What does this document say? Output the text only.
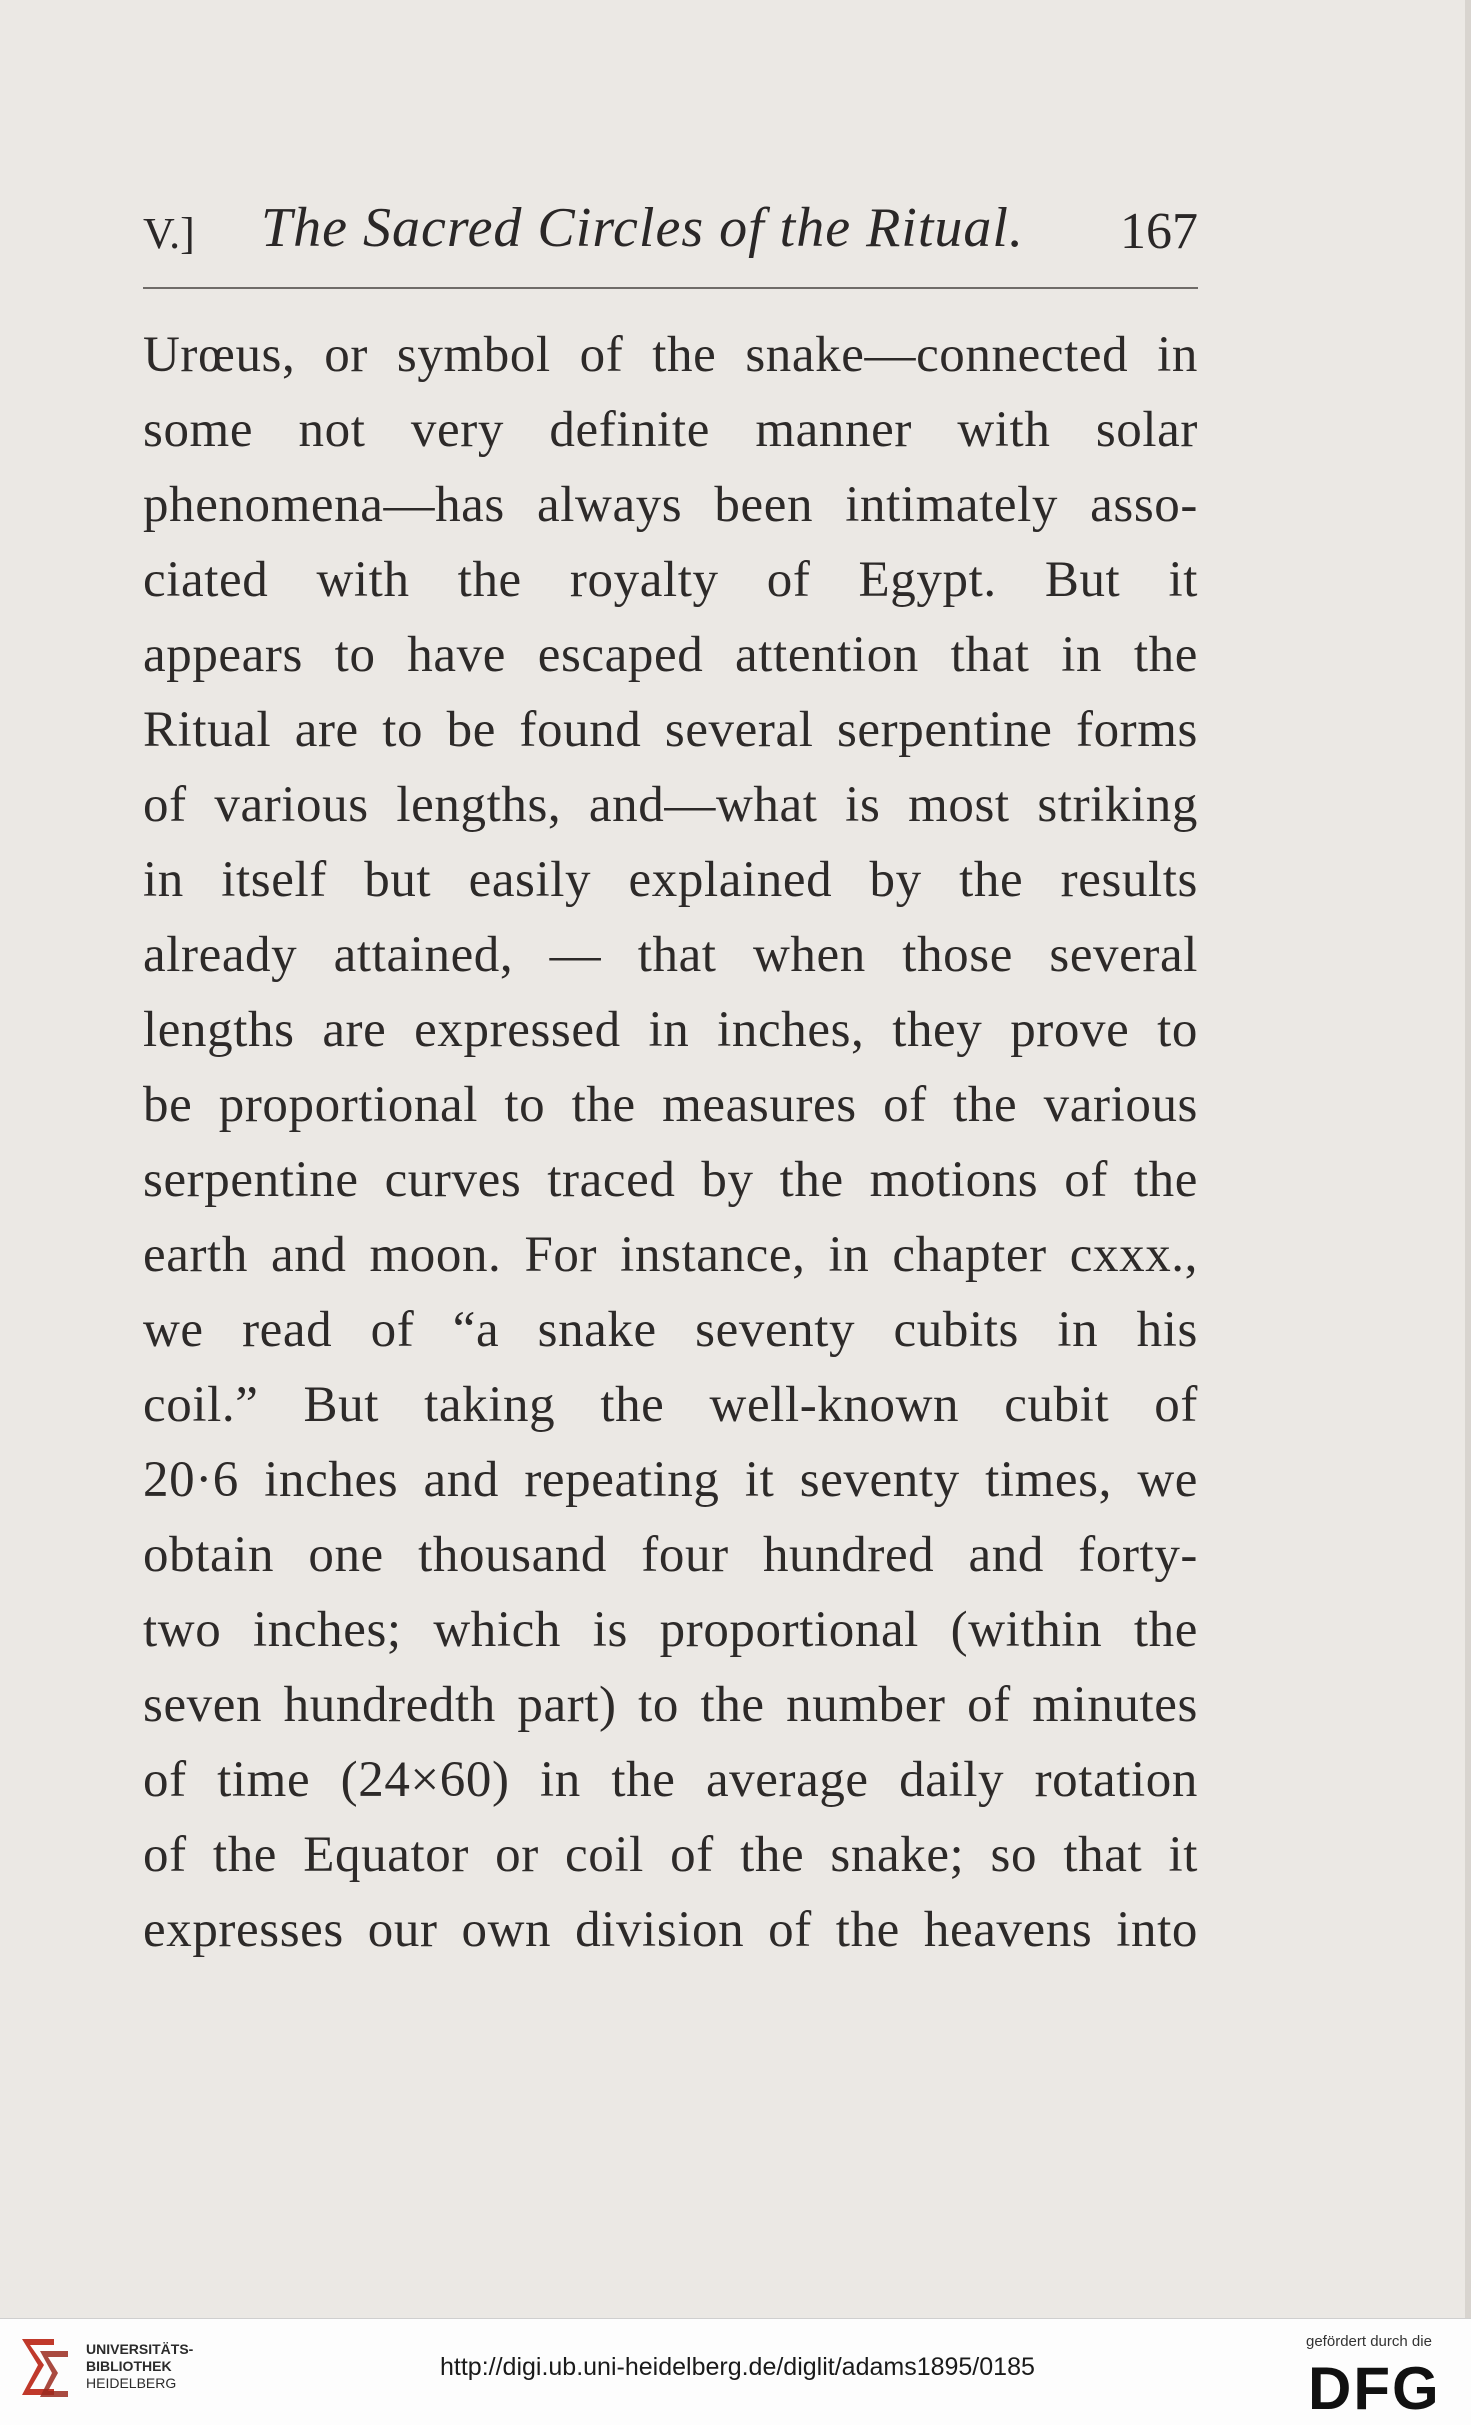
V.] The Sacred Circles of the Ritual. 167
Urœus, or symbol of the snake—connected in
some not very definite manner with solar
phenomena—has always been intimately asso-
ciated with the royalty of Egypt. But it
appears to have escaped attention that in the
Ritual are to be found several serpentine forms
of various lengths, and—what is most striking
in itself but easily explained by the results
already attained, — that when those several
lengths are expressed in inches, they prove to
be proportional to the measures of the various
serpentine curves traced by the motions of the
earth and moon. For instance, in chapter cxxx.,
we read of “a snake seventy cubits in his
coil.” But taking the well-known cubit of
20·6 inches and repeating it seventy times, we
obtain one thousand four hundred and forty-
two inches; which is proportional (within the
seven hundredth part) to the number of minutes
of time (24×60) in the average daily rotation
of the Equator or coil of the snake; so that it
expresses our own division of the heavens into
UNIVERSITÄTS-
BIBLIOTHEK
HEIDELBERG
http://digi.ub.uni-heidelberg.de/diglit/adams1895/0185
gefördert durch die
DFG
